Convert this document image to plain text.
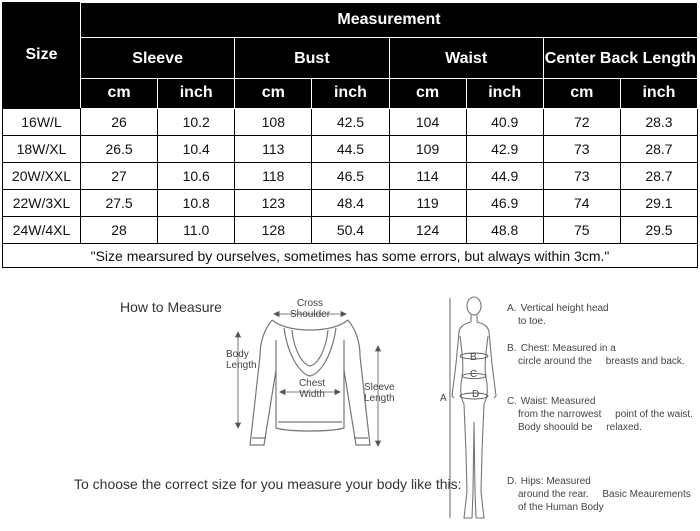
Size	Measurement							
	Sleeve		Bust		Waist		Center Back Length	
	cm	inch	cm	inch	cm	inch	cm	inch
16W/L	26	10.2	108	42.5	104	40.9	72	28.3
18W/XL	26.5	10.4	113	44.5	109	42.9	73	28.7
20W/XXL	27	10.6	118	46.5	114	44.9	73	28.7
22W/3XL	27.5	10.8	123	48.4	119	46.9	74	29.1
24W/4XL	28	11.0	128	50.4	124	48.8	75	29.5
"Size mearsured by ourselves, sometimes has some errors, but always within 3cm."								
How to Measure	Cross
Shoulder
Body
Length
Chest
Width
Sleeve
Length
To choose the correct size for you measure your body like this:
B
C
A	D
A. Vertical height head
to toe.
B. Chest: Measured in a
circle around the breasts and back.
C. Waist: Measured
from the narrowest point of the waist. Body shoould be relaxed.
D. Hips: Measured
around the rear. Basic Meaurements of the Human Body
